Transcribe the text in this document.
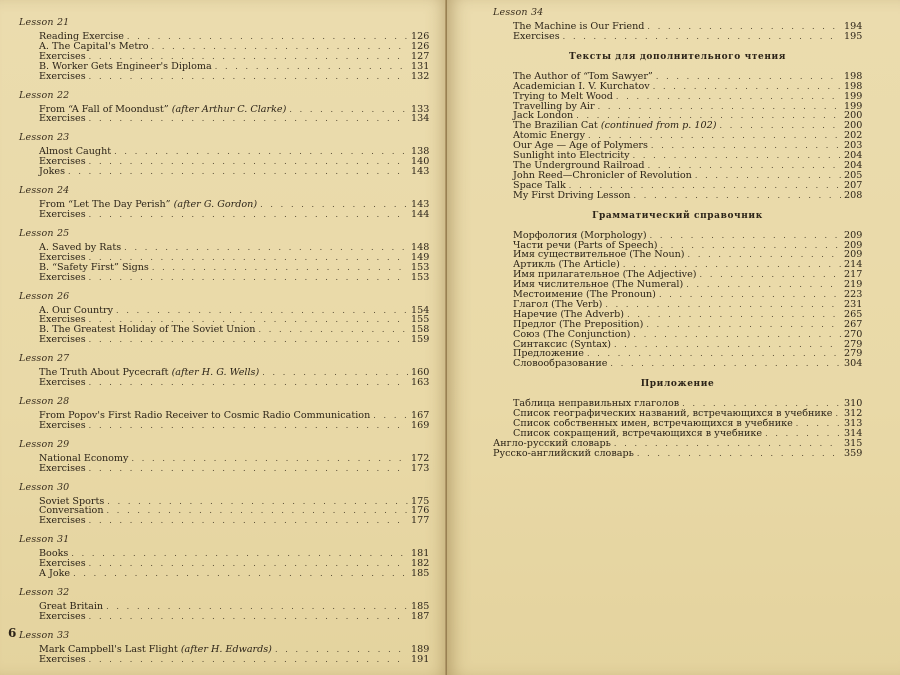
Lesson 21
Reading Exercise . . .	126
A. The Capital's Metro . . .	126
Exercises . . .	127
B. Worker Gets Engineer's Diploma . . .	131
Exercises . . .	132
Lesson 22
From “A Fall of Moondust” (after Arthur C. Clarke) . . .	133
Exercises . . .	134
Lesson 23
Almost Caught . . .	138
Exercises . . .	140
Jokes . . .	143
Lesson 24
From “Let The Day Perish” (after G. Gordon) . . .	143
Exercises . . .	144
Lesson 25
A. Saved by Rats . . .	148
Exercises . . .	149
B. “Safety First” Signs . . .	153
Exercises . . .	153
Lesson 26
A. Our Country . . .	154
Exercises . . .	155
B. The Greatest Holiday of The Soviet Union . . .	158
Exercises . . .	159
Lesson 27
The Truth About Pycecraft (after H. G. Wells) . . .	160
Exercises . . .	163
Lesson 28
From Popov's First Radio Receiver to Cosmic Radio Communication . . .	167
Exercises . . .	169
Lesson 29
National Economy . . .	172
Exercises . . .	173
Lesson 30
Soviet Sports . . .	175
Conversation . . .	176
Exercises . . .	177
Lesson 31
Books . . .	181
Exercises . . .	182
A Joke . . .	185
Lesson 32
Great Britain . . .	185
Exercises . . .	187
Lesson 33
Mark Campbell's Last Flight (after H. Edwards) . . .	189
Exercises . . .	191
6
Lesson 34
The Machine is Our Friend . . .	194
Exercises . . .	195
Тексты для дополнительного чтения
The Author of “Tom Sawyer” . . .	198
Academician I. V. Kurchatov . . .	198
Trying to Melt Wood . . .	199
Travelling by Air . . .	199
Jack London . . .	200
The Brazilian Cat (continued from p. 102) . . .	200
Atomic Energy . . .	202
Our Age — Age of Polymers . . .	203
Sunlight into Electricity . . .	204
The Underground Railroad . . .	204
John Reed—Chronicler of Revolution . . .	205
Space Talk . . .	207
My First Driving Lesson . . .	208
Грамматический справочник
Морфология (Morphology) . . .	209
Части речи (Parts of Speech) . . .	209
Имя существительное (The Noun) . . .	209
Артикль (The Article) . . .	214
Имя прилагательное (The Adjective) . . .	217
Имя числительное (The Numeral) . . .	219
Местоимение (The Pronoun) . . .	223
Глагол (The Verb) . . .	231
Наречие (The Adverb) . . .	265
Предлог (The Preposition) . . .	267
Союз (The Conjunction) . . .	270
Синтаксис (Syntax) . . .	279
Предложение . . .	279
Словообразование . . .	304
Приложение
Таблица неправильных глаголов . . .	310
Список географических названий, встречающихся в учебнике . . . 312
Список собственных имен, встречающихся в учебнике . . .	313
Список сокращений, встречающихся в учебнике . . .	314
Англо-русский словарь . . .	315
Русско-английский словарь . . .	359
